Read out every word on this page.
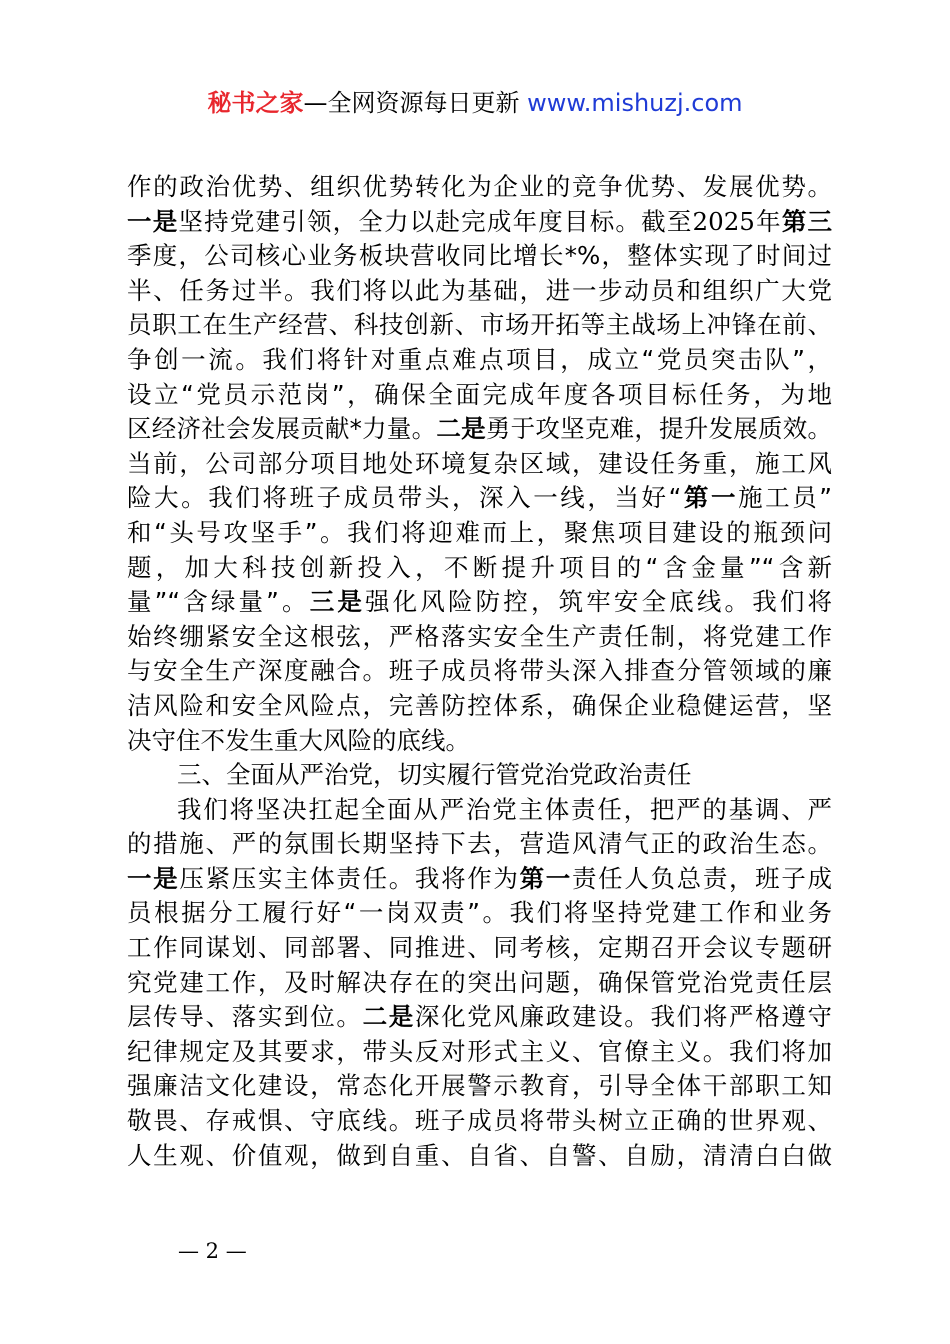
秘书之家—全网资源每日更新 www.mishuzj.com
作的政治优势、组织优势转化为企业的竞争优势、发展优势。
一是坚持党建引领，全力以赴完成年度目标。截至2025年第三
季度，公司核心业务板块营收同比增长*%，整体实现了时间过
半、任务过半。我们将以此为基础，进一步动员和组织广大党
员职工在生产经营、科技创新、市场开拓等主战场上冲锋在前、
争创一流。我们将针对重点难点项目，成立“党员突击队”，
设立“党员示范岗”，确保全面完成年度各项目标任务，为地
区经济社会发展贡献*力量。二是勇于攻坚克难，提升发展质效。
当前，公司部分项目地处环境复杂区域，建设任务重，施工风
险大。我们将班子成员带头，深入一线，当好“第一施工员”
和“头号攻坚手”。我们将迎难而上，聚焦项目建设的瓶颈问
题，加大科技创新投入，不断提升项目的“含金量”“含新
量”“含绿量”。三是强化风险防控，筑牢安全底线。我们将
始终绷紧安全这根弦，严格落实安全生产责任制，将党建工作
与安全生产深度融合。班子成员将带头深入排查分管领域的廉
洁风险和安全风险点，完善防控体系，确保企业稳健运营，坚
决守住不发生重大风险的底线。
三、全面从严治党，切实履行管党治党政治责任
我们将坚决扛起全面从严治党主体责任，把严的基调、严
的措施、严的氛围长期坚持下去，营造风清气正的政治生态。
一是压紧压实主体责任。我将作为第一责任人负总责，班子成
员根据分工履行好“一岗双责”。我们将坚持党建工作和业务
工作同谋划、同部署、同推进、同考核，定期召开会议专题研
究党建工作，及时解决存在的突出问题，确保管党治党责任层
层传导、落实到位。二是深化党风廉政建设。我们将严格遵守
纪律规定及其要求，带头反对形式主义、官僚主义。我们将加
强廉洁文化建设，常态化开展警示教育，引导全体干部职工知
敬畏、存戒惧、守底线。班子成员将带头树立正确的世界观、
人生观、价值观，做到自重、自省、自警、自励，清清白白做
— 2 —
